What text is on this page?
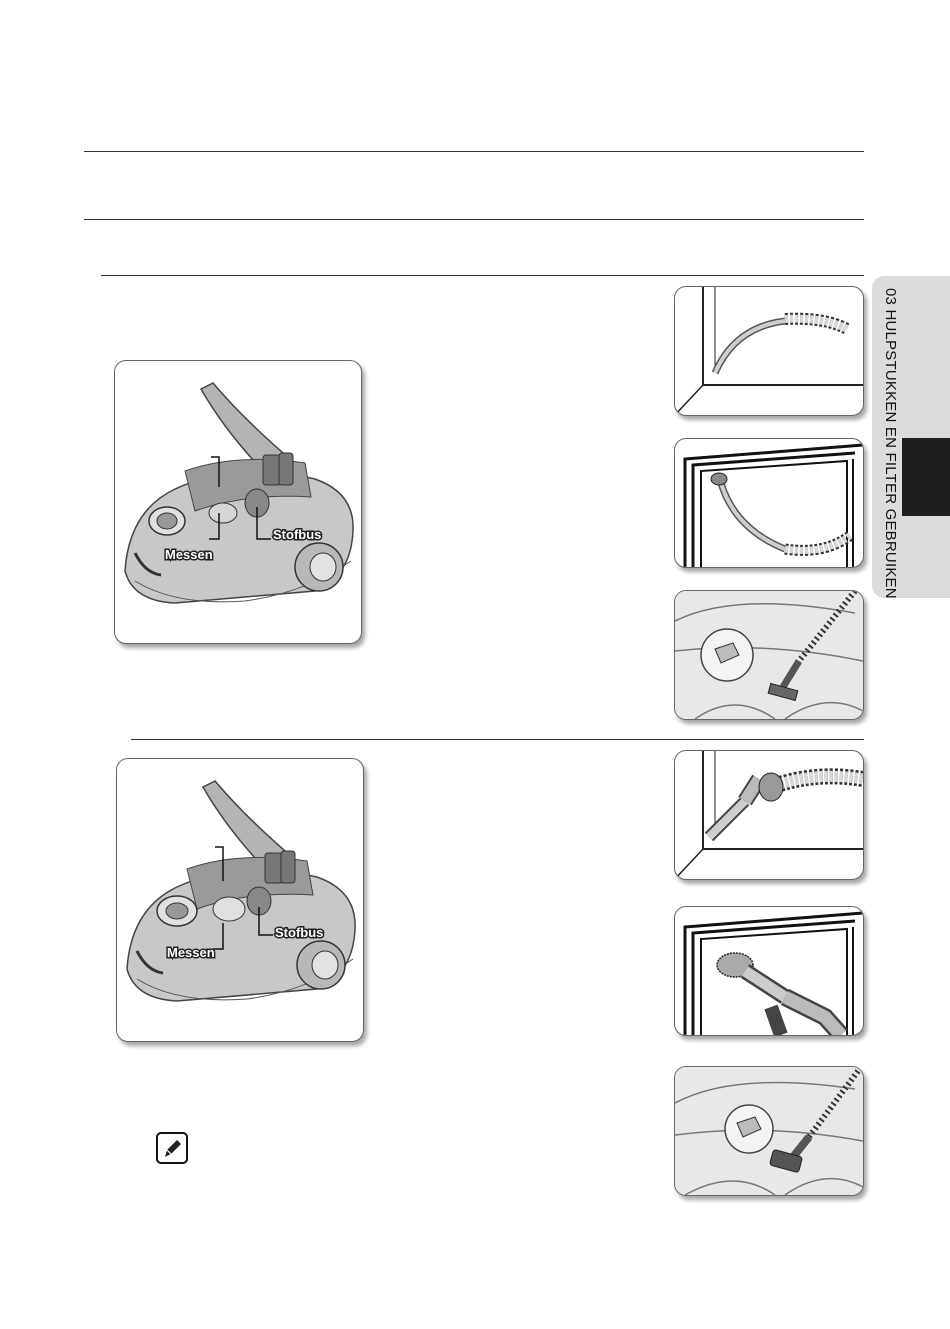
03 HULPSTUKKEN EN FILTER GEBRUIKEN
Stofbus
Messen
Stofbus
Messen
